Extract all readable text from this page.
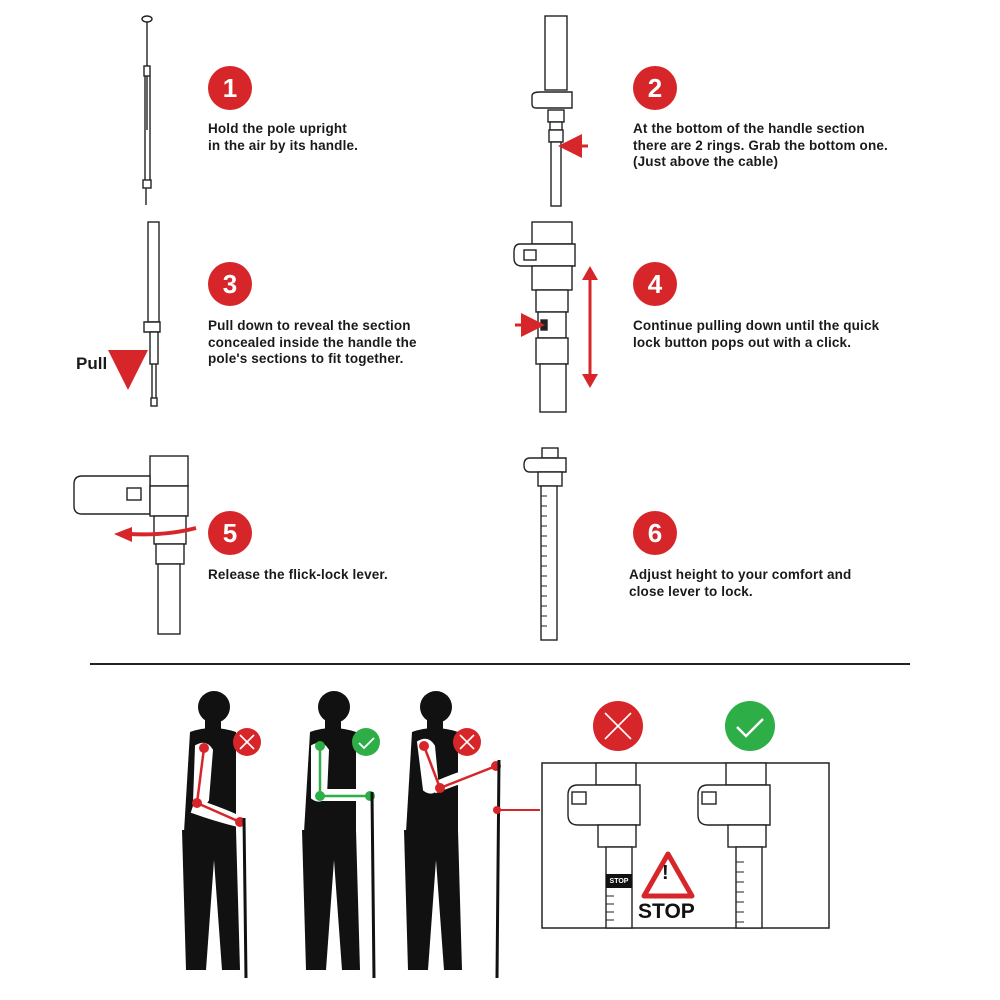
1
Hold the pole upright
in the air by its handle.
2
At the bottom of the handle section
there are 2 rings. Grab the bottom one.
(Just above the cable)
3
Pull down to reveal the section
concealed inside the handle the
pole's sections to fit together.
Pull
4
Continue pulling down until the quick
lock button pops out with a click.
5
Release the flick-lock lever.
6
Adjust height to your comfort and
close lever to lock.
STOP
STOP
!
